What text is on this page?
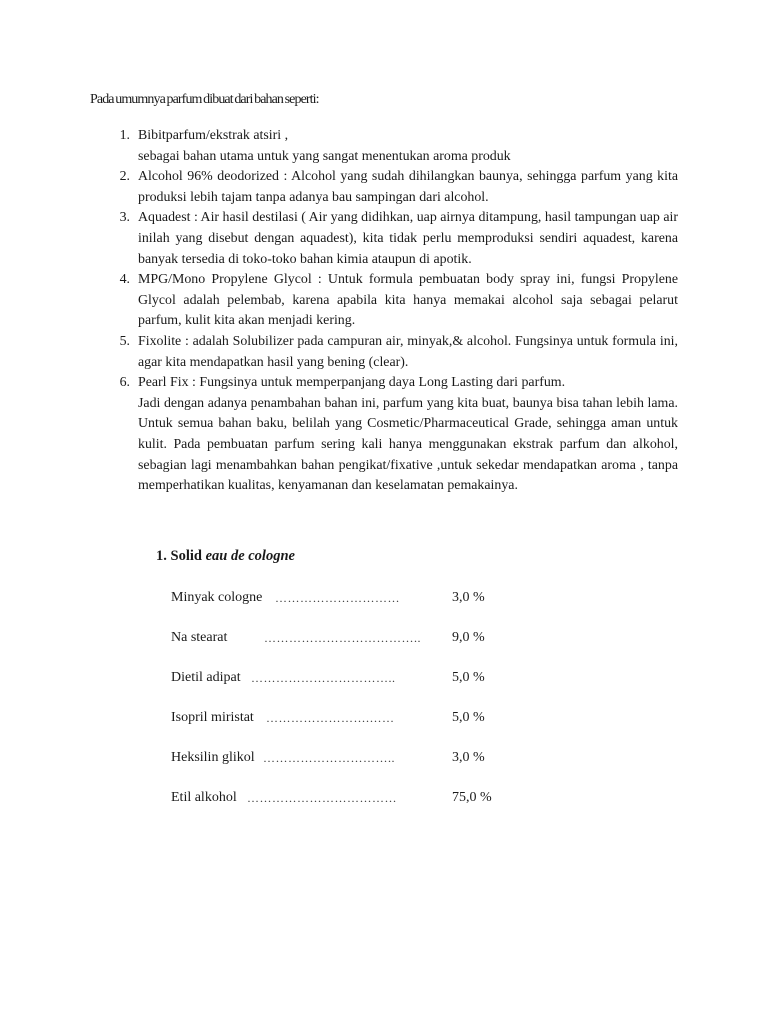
Pada umumnya parfum dibuat dari bahan seperti:
1. Bibitparfum/ekstrak atsiri ,
sebagai bahan utama untuk yang sangat menentukan aroma produk
2. Alcohol 96% deodorized : Alcohol yang sudah dihilangkan baunya, sehingga parfum yang kita produksi lebih tajam tanpa adanya bau sampingan dari alcohol.
3. Aquadest : Air hasil destilasi ( Air yang didihkan, uap airnya ditampung, hasil tampungan uap air inilah yang disebut dengan aquadest), kita tidak perlu memproduksi sendiri aquadest, karena banyak tersedia di toko-toko bahan kimia ataupun di apotik.
4. MPG/Mono Propylene Glycol : Untuk formula pembuatan body spray ini, fungsi Propylene Glycol adalah pelembab, karena apabila kita hanya memakai alcohol saja sebagai pelarut parfum, kulit kita akan menjadi kering.
5. Fixolite : adalah Solubilizer pada campuran air, minyak,& alcohol. Fungsinya untuk formula ini, agar kita mendapatkan hasil yang bening (clear).
6. Pearl Fix : Fungsinya untuk memperpanjang daya Long Lasting dari parfum.
Jadi dengan adanya penambahan bahan ini, parfum yang kita buat, baunya bisa tahan lebih lama. Untuk semua bahan baku, belilah yang Cosmetic/Pharmaceutical Grade, sehingga aman untuk kulit. Pada pembuatan parfum sering kali hanya menggunakan ekstrak parfum dan alkohol, sebagian lagi menambahkan bahan pengikat/fixative ,untuk sekedar mendapatkan aroma , tanpa memperhatikan kualitas, kenyamanan dan keselamatan pemakainya.
1. Solid eau de cologne
Minyak cologne …………………………	3,0 %
Na stearat	……………………………….. 9,0 %
Dietil adipat ……………………………..	5,0 %
Isopril miristat …………………….……	5,0 %
Heksilin glikol …………………………..	3,0 %
Etil alkohol ………………………………	75,0 %
